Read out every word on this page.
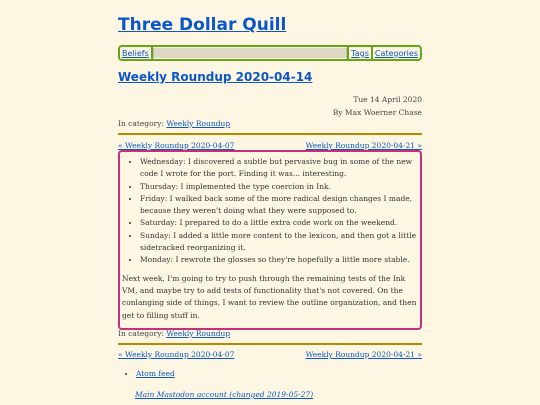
Three Dollar Quill
Beliefs	Tags Categories
Weekly Roundup 2020-04-14
Tue 14 April 2020
By Max Woerner Chase
In category: Weekly Roundup
« Weekly Roundup 2020-04-07	Weekly Roundup 2020-04-21 »
• Wednesday: I discovered a subtle but pervasive bug in some of the new code I wrote for the port. Finding it was... interesting.
• Thursday: I implemented the type coercion in Ink.
• Friday: I walked back some of the more radical design changes I made, because they weren't doing what they were supposed to.
• Saturday: I prepared to do a little extra code work on the weekend.
• Sunday: I added a little more content to the lexicon, and then got a little sidetracked reorganizing it.
• Monday: I rewrote the glosses so they're hopefully a little more stable.

Next week, I'm going to try to push through the remaining tests of the Ink VM, and maybe try to add tests of functionality that's not covered. On the conlanging side of things, I want to review the outline organization, and then get to filling stuff in.

In category: Weekly Roundup
« Weekly Roundup 2020-04-07	Weekly Roundup 2020-04-21 »
• Atom feed
Main Mastodon account (changed 2019-05-27)
